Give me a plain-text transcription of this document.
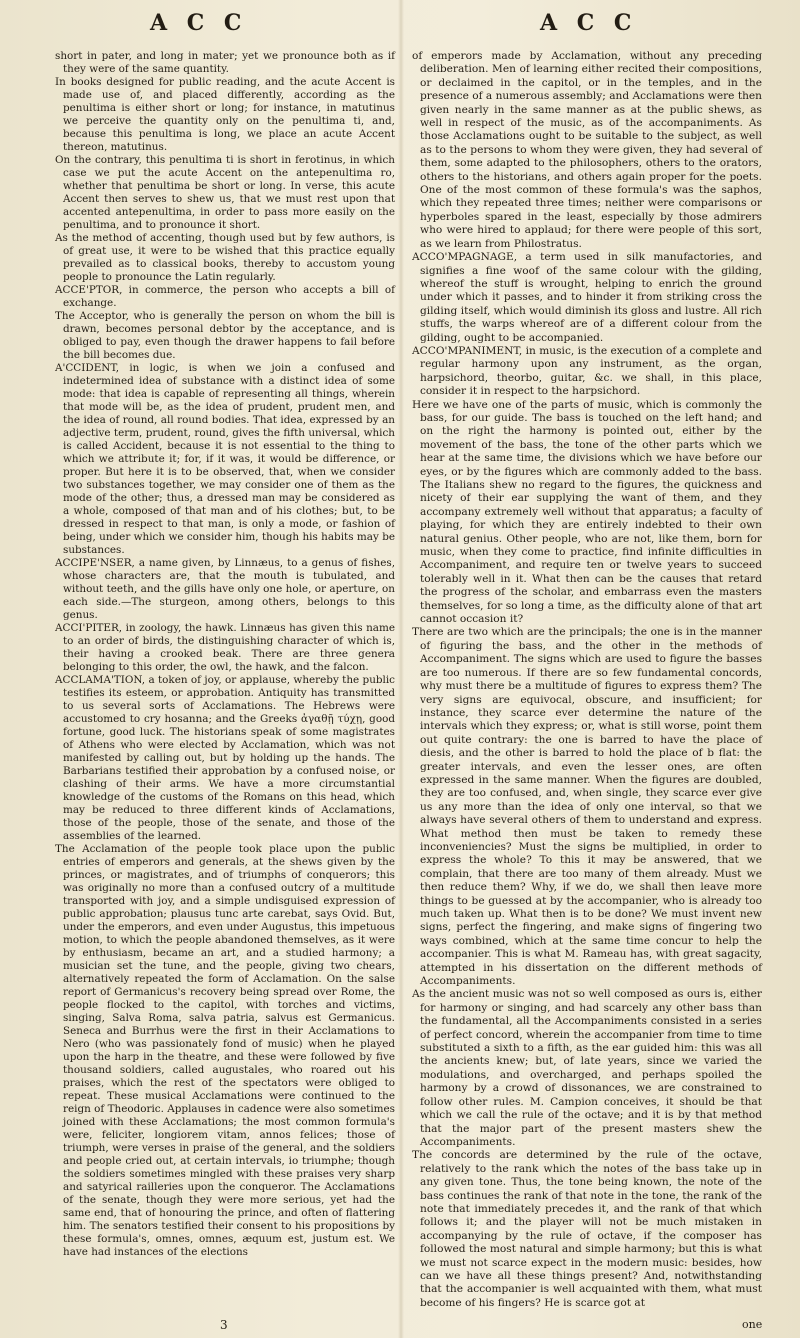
A C C	A C C

short in pater, and long in mater; yet we pronounce both as if they were of the same quantity.

In books designed for public reading, and the acute Accent is made use of, and placed differently, according as the penultima is either short or long; for instance, in matutinus we perceive the quantity only on the penultima ti, and, because this penultima is long, we place an acute Accent thereon, matutinus.

On the contrary, this penultima ti is short in ferotinus, in which case we put the acute Accent on the antepenultima ro, whether that penultima be short or long. In verse, this acute Accent then serves to shew us, that we must rest upon that accented antepenultima, in order to pass more easily on the penultima, and to pronounce it short.

As the method of accenting, though used but by few authors, is of great use, it were to be wished that this practice equally prevailed as to classical books, thereby to accustom young people to pronounce the Latin regularly.

ACCE'PTOR, in commerce, the person who accepts a bill of exchange.

The Acceptor, who is generally the person on whom the bill is drawn, becomes personal debtor by the acceptance, and is obliged to pay, even though the drawer happens to fail before the bill becomes due.

A'CCIDENT, in logic, is when we join a confused and indetermined idea of substance with a distinct idea of some mode: that idea is capable of representing all things, wherein that mode will be, as the idea of prudent, prudent men, and the idea of round, all round bodies. That idea, expressed by an adjective term, prudent, round, gives the fifth universal, which is called Accident, because it is not essential to the thing to which we attribute it; for, if it was, it would be difference, or proper. But here it is to be observed, that, when we consider two substances together, we may consider one of them as the mode of the other; thus, a dressed man may be considered as a whole, composed of that man and of his clothes; but, to be dressed in respect to that man, is only a mode, or fashion of being, under which we consider him, though his habits may be substances.

ACCIPE'NSER, a name given, by Linnæus, to a genus of fishes, whose characters are, that the mouth is tubulated, and without teeth, and the gills have only one hole, or aperture, on each side.—The sturgeon, among others, belongs to this genus.

ACCI'PITER, in zoology, the hawk. Linnæus has given this name to an order of birds, the distinguishing character of which is, their having a crooked beak. There are three genera belonging to this order, the owl, the hawk, and the falcon.

ACCLAMA'TION, a token of joy, or applause, whereby the public testifies its esteem, or approbation. Antiquity has transmitted to us several sorts of Acclamations. The Hebrews were accustomed to cry hosanna; and the Greeks ἀγαθῇ τύχῃ, good fortune, good luck. The historians speak of some magistrates of Athens who were elected by Acclamation, which was not manifested by calling out, but by holding up the hands. The Barbarians testified their approbation by a confused noise, or clashing of their arms. We have a more circumstantial knowledge of the customs of the Romans on this head, which may be reduced to three different kinds of Acclamations, those of the people, those of the senate, and those of the assemblies of the learned.

The Acclamation of the people took place upon the public entries of emperors and generals, at the shews given by the princes, or magistrates, and of triumphs of conquerors; this was originally no more than a confused outcry of a multitude transported with joy, and a simple undisguised expression of public approbation; plausus tunc arte carebat, says Ovid. But, under the emperors, and even under Augustus, this impetuous motion, to which the people abandoned themselves, as it were by enthusiasm, became an art, and a studied harmony; a musician set the tune, and the people, giving two chears, alternatively repeated the form of Acclamation. On the salse report of Germanicus's recovery being spread over Rome, the people flocked to the capitol, with torches and victims, singing, Salva Roma, salva patria, salvus est Germanicus. Seneca and Burrhus were the first in their Acclamations to Nero (who was passionately fond of music) when he played upon the harp in the theatre, and these were followed by five thousand soldiers, called augustales, who roared out his praises, which the rest of the spectators were obliged to repeat. These musical Acclamations were continued to the reign of Theodoric. Applauses in cadence were also sometimes joined with these Acclamations; the most common formula's were, feliciter, longiorem vitam, annos felices; those of triumph, were verses in praise of the general, and the soldiers and people cried out, at certain intervals, io triumphe; though the soldiers sometimes mingled with these praises very sharp and satyrical railleries upon the conqueror. The Acclamations of the senate, though they were more serious, yet had the same end, that of honouring the prince, and often of flattering him. The senators testified their consent to his propositions by these formula's, omnes, omnes, æquum est, justum est. We have had instances of the elections

of emperors made by Acclamation, without any preceding deliberation. Men of learning either recited their compositions, or declaimed in the capitol, or in the temples, and in the presence of a numerous assembly; and Acclamations were then given nearly in the same manner as at the public shews, as well in respect of the music, as of the accompaniments. As those Acclamations ought to be suitable to the subject, as well as to the persons to whom they were given, they had several of them, some adapted to the philosophers, others to the orators, others to the historians, and others again proper for the poets. One of the most common of these formula's was the saphos, which they repeated three times; neither were comparisons or hyperboles spared in the least, especially by those admirers who were hired to applaud; for there were people of this sort, as we learn from Philostratus.

ACCO'MPAGNAGE, a term used in silk manufactories, and signifies a fine woof of the same colour with the gilding, whereof the stuff is wrought, helping to enrich the ground under which it passes, and to hinder it from striking cross the gilding itself, which would diminish its gloss and lustre. All rich stuffs, the warps whereof are of a different colour from the gilding, ought to be accompanied.

ACCO'MPANIMENT, in music, is the execution of a complete and regular harmony upon any instrument, as the organ, harpsichord, theorbo, guitar, &c. we shall, in this place, consider it in respect to the harpsichord.

Here we have one of the parts of music, which is commonly the bass, for our guide. The bass is touched on the left hand; and on the right the harmony is pointed out, either by the movement of the bass, the tone of the other parts which we hear at the same time, the divisions which we have before our eyes, or by the figures which are commonly added to the bass. The Italians shew no regard to the figures, the quickness and nicety of their ear supplying the want of them, and they accompany extremely well without that apparatus; a faculty of playing, for which they are entirely indebted to their own natural genius. Other people, who are not, like them, born for music, when they come to practice, find infinite difficulties in Accompaniment, and require ten or twelve years to succeed tolerably well in it. What then can be the causes that retard the progress of the scholar, and embarrass even the masters themselves, for so long a time, as the difficulty alone of that art cannot occasion it?

There are two which are the principals; the one is in the manner of figuring the bass, and the other in the methods of Accompaniment. The signs which are used to figure the basses are too numerous. If there are so few fundamental concords, why must there be a multitude of figures to express them? The very signs are equivocal, obscure, and insufficient; for instance, they scarce ever determine the nature of the intervals which they express; or, what is still worse, point them out quite contrary: the one is barred to have the place of diesis, and the other is barred to hold the place of b flat: the greater intervals, and even the lesser ones, are often expressed in the same manner. When the figures are doubled, they are too confused, and, when single, they scarce ever give us any more than the idea of only one interval, so that we always have several others of them to understand and express. What method then must be taken to remedy these inconveniencies? Must the signs be multiplied, in order to express the whole? To this it may be answered, that we complain, that there are too many of them already. Must we then reduce them? Why, if we do, we shall then leave more things to be guessed at by the accompanier, who is already too much taken up. What then is to be done? We must invent new signs, perfect the fingering, and make signs of fingering two ways combined, which at the same time concur to help the accompanier. This is what M. Rameau has, with great sagacity, attempted in his dissertation on the different methods of Accompaniments.

As the ancient music was not so well composed as ours is, either for harmony or singing, and had scarcely any other bass than the fundamental, all the Accompaniments consisted in a series of perfect concord, wherein the accompanier from time to time substituted a sixth to a fifth, as the ear guided him: this was all the ancients knew; but, of late years, since we varied the modulations, and overcharged, and perhaps spoiled the harmony by a crowd of dissonances, we are constrained to follow other rules. M. Campion conceives, it should be that which we call the rule of the octave; and it is by that method that the major part of the present masters shew the Accompaniments.

The concords are determined by the rule of the octave, relatively to the rank which the notes of the bass take up in any given tone. Thus, the tone being known, the note of the bass continues the rank of that note in the tone, the rank of the note that immediately precedes it, and the rank of that which follows it; and the player will not be much mistaken in accompanying by the rule of octave, if the composer has followed the most natural and simple harmony; but this is what we must not scarce expect in the modern music: besides, how can we have all these things present? And, notwithstanding that the accompanier is well acquainted with them, what must become of his fingers? He is scarce got at

3	one
